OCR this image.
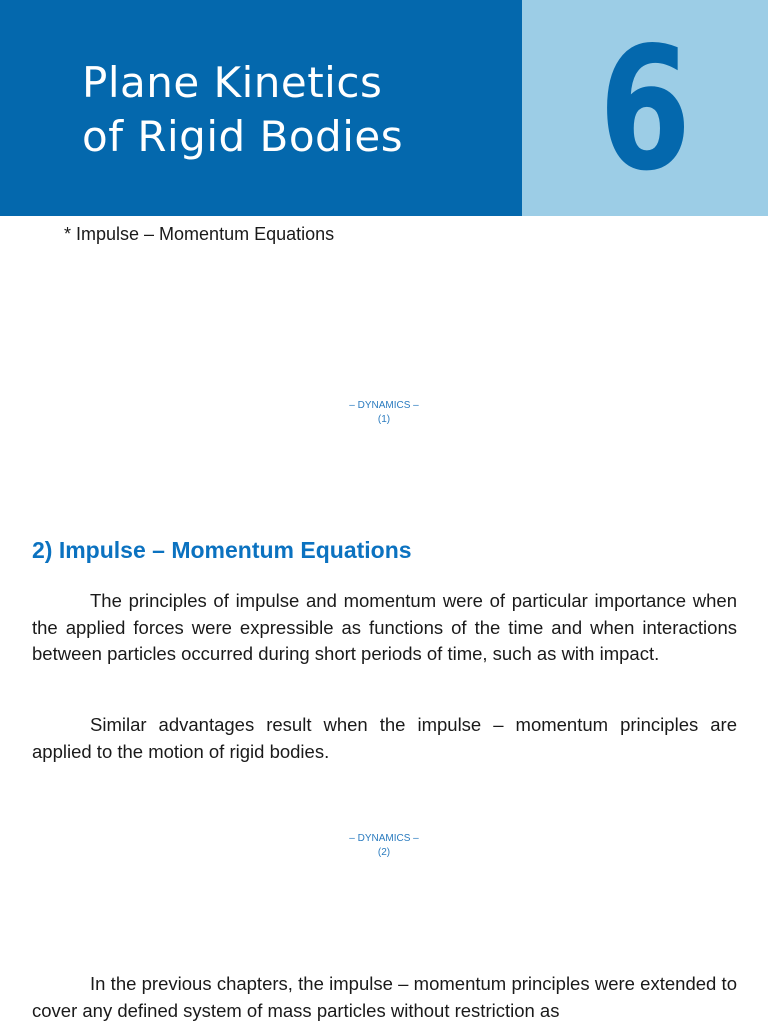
Plane Kinetics
of Rigid Bodies 6
* Impulse – Momentum Equations
– DYNAMICS –
(1)
2) Impulse – Momentum Equations

The principles of impulse and momentum were of particular importance when the applied forces were expressible as functions of the time and when interactions between particles occurred during short periods of time, such as with impact.

Similar advantages result when the impulse – momentum principles are applied to the motion of rigid bodies.

– DYNAMICS –
(2)

In the previous chapters, the impulse – momentum principles were extended to cover any defined system of mass particles without restriction as
